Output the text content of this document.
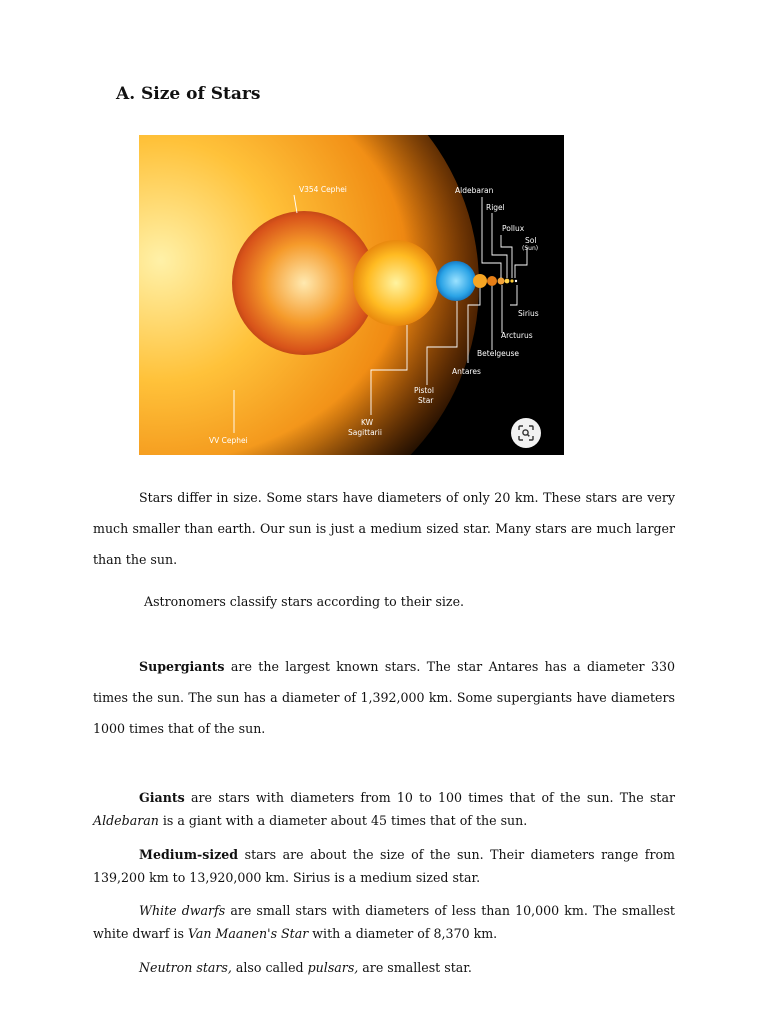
A. Size of Stars
V354 Cephei
VV Cephei
KW
Sagittarii
Pistol
Star
Antares
Betelgeuse
Arcturus
Sirius
Aldebaran
Rigel
Pollux
Sol
(Sun)

Stars differ in size. Some stars have diameters of only 20 km. These stars are very much smaller than earth. Our sun is just a medium sized star. Many stars are much larger than the sun.

Astronomers classify stars according to their size.

Supergiants are the largest known stars. The star Antares has a diameter 330 times the sun. The sun has a diameter of 1,392,000 km. Some supergiants have diameters 1000 times that of the sun.

Giants are stars with diameters from 10 to 100 times that of the sun. The star Aldebaran is a giant with a diameter about 45 times that of the sun.

Medium-sized stars are about the size of the sun. Their diameters range from 139,200 km to 13,920,000 km. Sirius is a medium sized star.

White dwarfs are small stars with diameters of less than 10,000 km. The smallest white dwarf is Van Maanen's Star with a diameter of 8,370 km.

Neutron stars, also called pulsars, are smallest star.
